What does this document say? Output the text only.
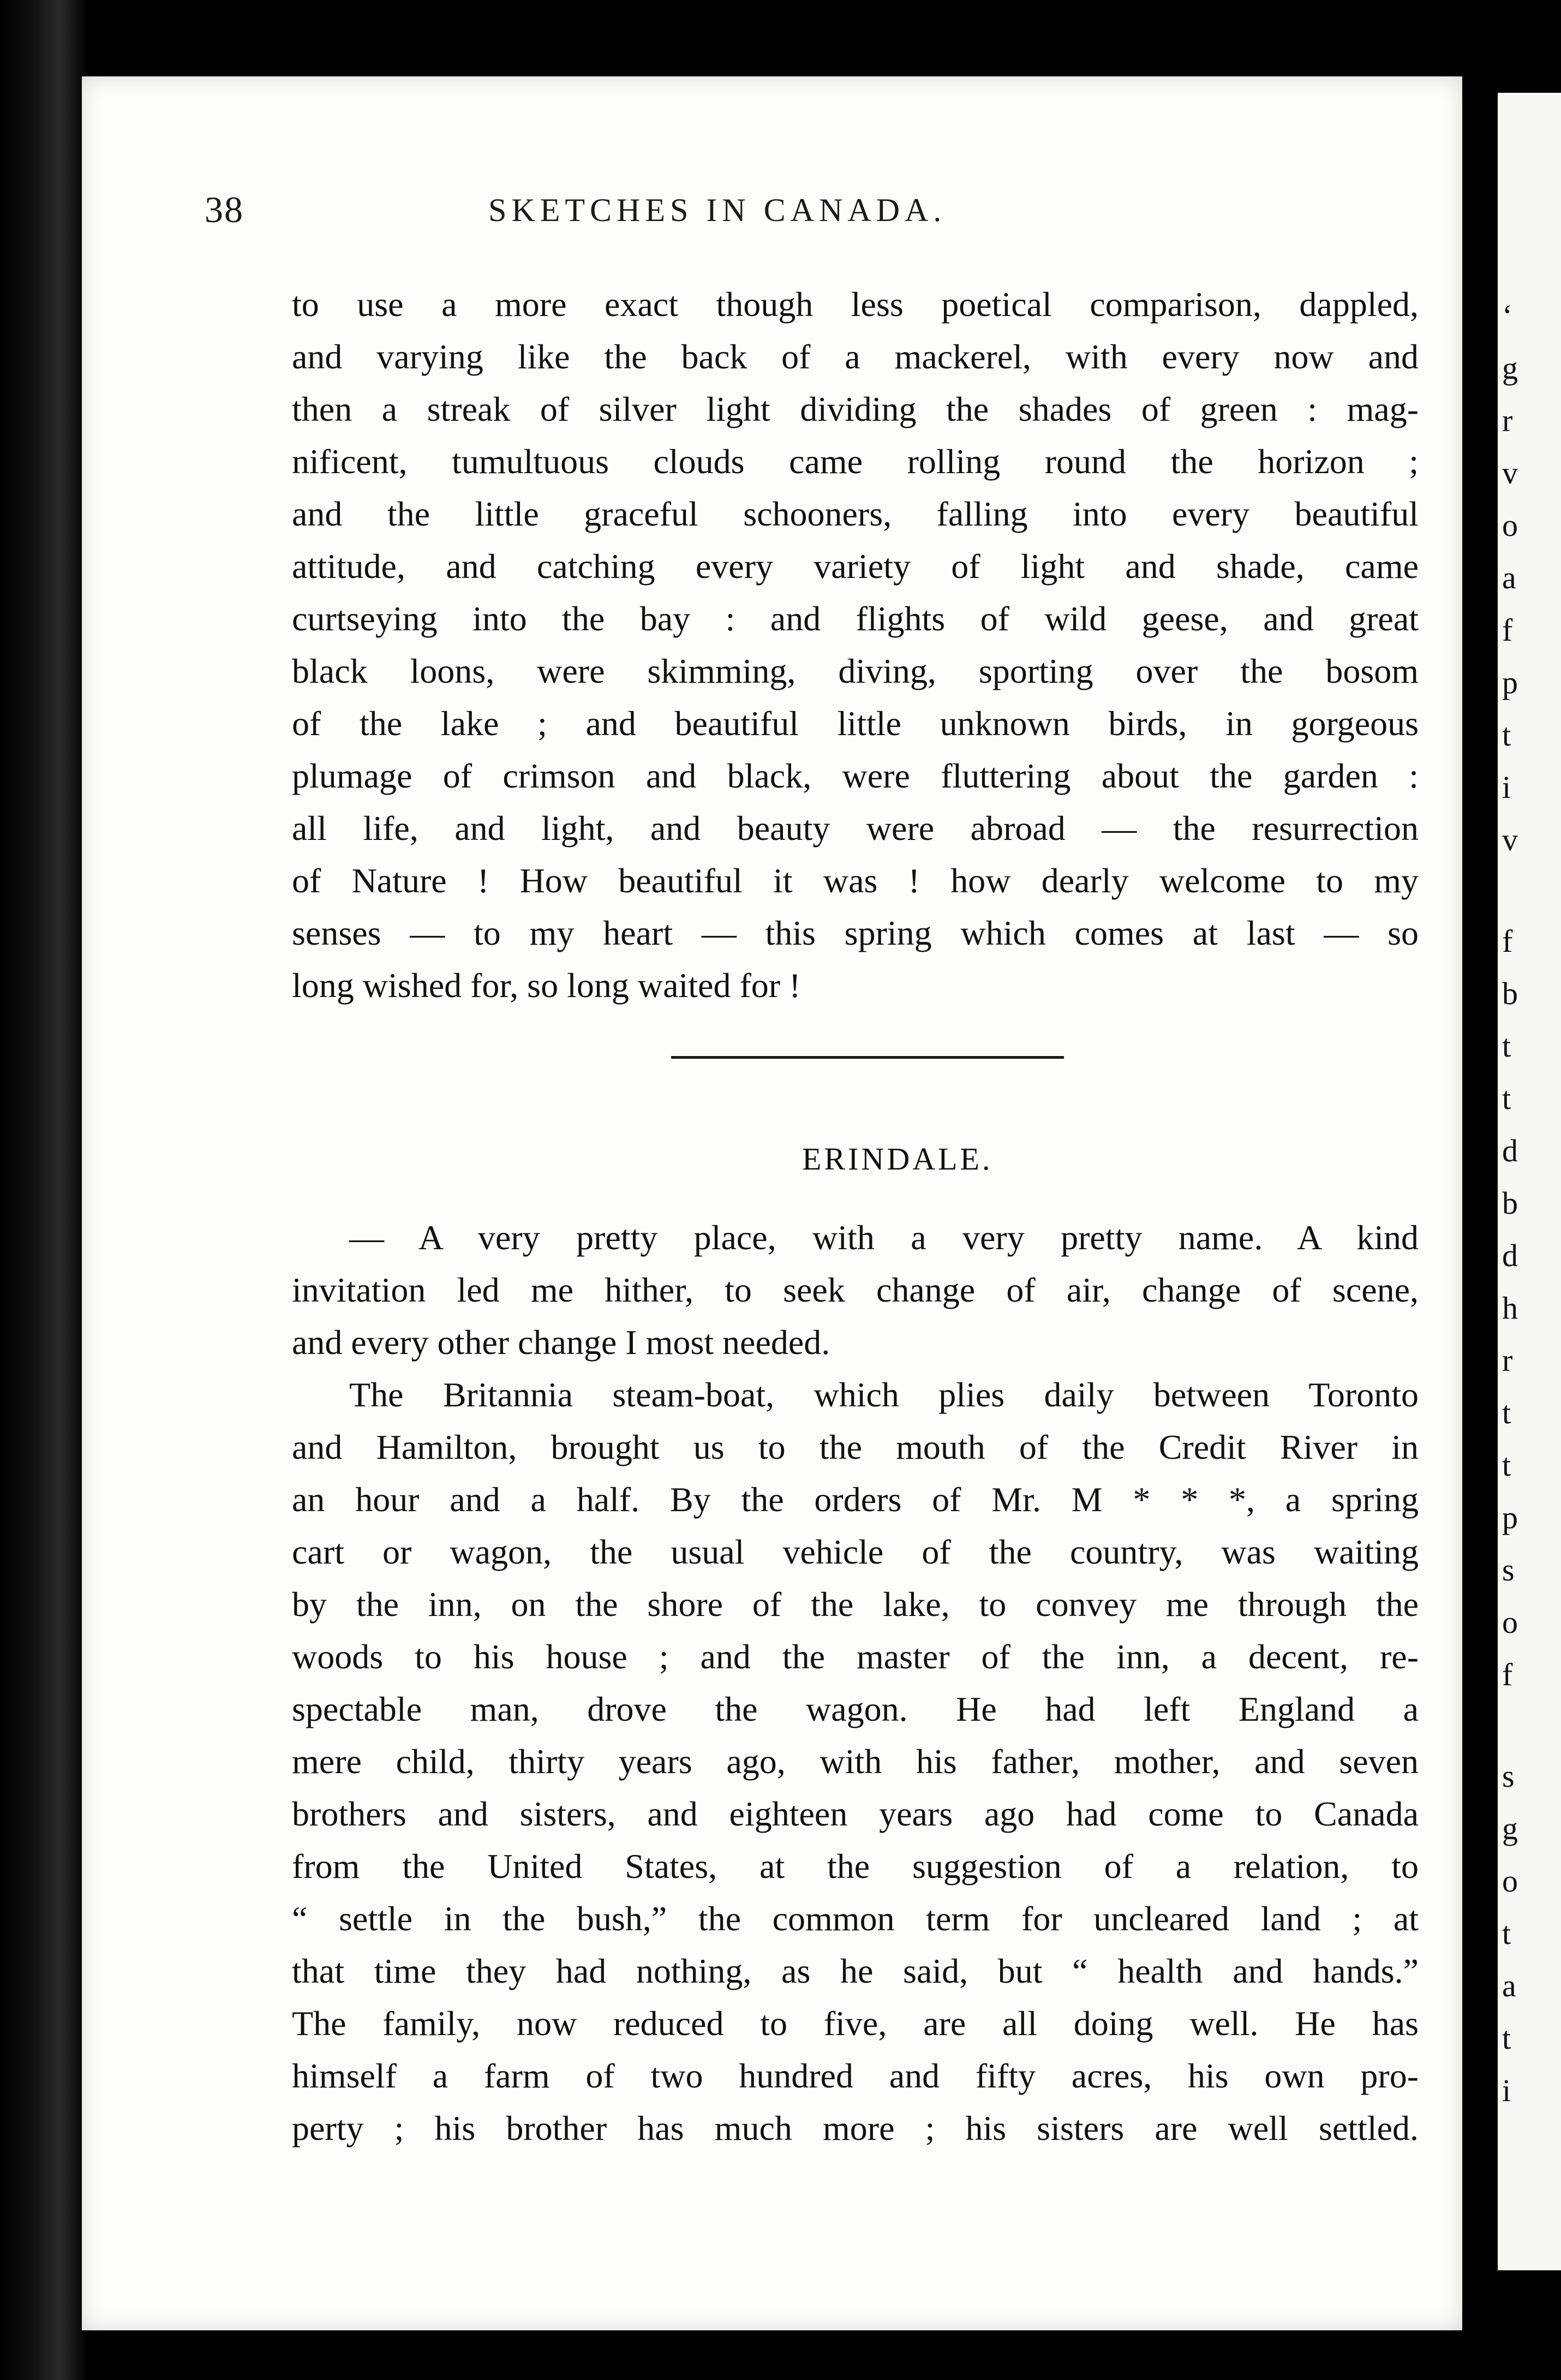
‘
g
r
v
o
a
f
p
t
i
v
f
b
t
t
d
b
d
h
r
t
t
p
s
o
f
s
g
o
t
a
t
i
38	SKETCHES IN CANADA.
to use a more exact though less poetical comparison, dappled,
and varying like the back of a mackerel, with every now and
then a streak of silver light dividing the shades of green : mag-
nificent, tumultuous clouds came rolling round the horizon ;
and the little graceful schooners, falling into every beautiful
attitude, and catching every variety of light and shade, came
curtseying into the bay : and flights of wild geese, and great
black loons, were skimming, diving, sporting over the bosom
of the lake ; and beautiful little unknown birds, in gorgeous
plumage of crimson and black, were fluttering about the garden :
all life, and light, and beauty were abroad — the resurrection
of Nature ! How beautiful it was ! how dearly welcome to my
senses — to my heart — this spring which comes at last — so
long wished for, so long waited for !
ERINDALE.
— A very pretty place, with a very pretty name. A kind
invitation led me hither, to seek change of air, change of scene,
and every other change I most needed.
The Britannia steam-boat, which plies daily between Toronto
and Hamilton, brought us to the mouth of the Credit River in
an hour and a half. By the orders of Mr. M * * *, a spring
cart or wagon, the usual vehicle of the country, was waiting
by the inn, on the shore of the lake, to convey me through the
woods to his house ; and the master of the inn, a decent, re-
spectable man, drove the wagon. He had left England a
mere child, thirty years ago, with his father, mother, and seven
brothers and sisters, and eighteen years ago had come to Canada
from the United States, at the suggestion of a relation, to
“ settle in the bush,” the common term for uncleared land ; at
that time they had nothing, as he said, but “ health and hands.”
The family, now reduced to five, are all doing well. He has
himself a farm of two hundred and fifty acres, his own pro-
perty ; his brother has much more ; his sisters are well settled.
